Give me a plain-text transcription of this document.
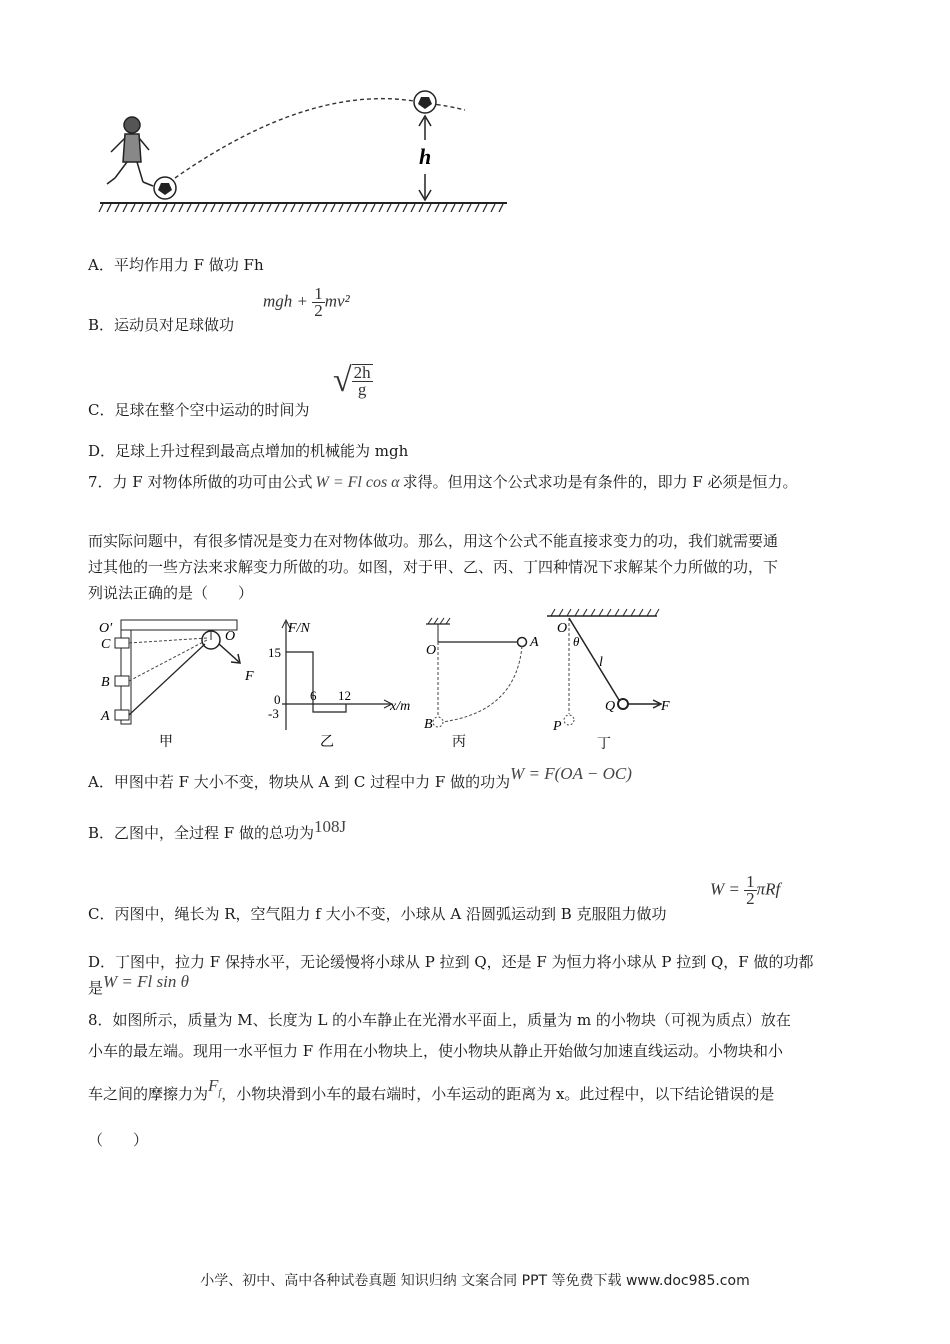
h
A．平均作用力 F 做功 Fh
B．运动员对足球做功
mgh + $\frac{1}{2} mv^2$
C．足球在整个空中运动的时间为
√ $\frac{2h}{g}$
D．足球上升过程到最高点增加的机械能为 mgh
7．力 F 对物体所做的功可由公式 W = Fl cos α 求得。但用这个公式求功是有条件的，即力 F 必须是恒力。
而实际问题中，有很多情况是变力在对物体做功。那么，用这个公式不能直接求变力的功，我们就需要通
过其他的一些方法来求解变力所做的功。如图，对于甲、乙、丙、丁四种情况下求解某个力所做的功，下
列说法正确的是（　　）
O′
O
C
B
A
F
甲
F/N
x/m
15
0
-3
6 12
乙
O
A
B
丙
O
θ
l
Q
P
F
丁
A．甲图中若 F 大小不变，物块从 A 到 C 过程中力 F 做的功为W = F(OA − OC)
B．乙图中，全过程 F 做的总功为108J
C．丙图中，绳长为 R，空气阻力 f 大小不变，小球从 A 沿圆弧运动到 B 克服阻力做功
$W = \frac{1}{2}$ πRf
D．丁图中，拉力 F 保持水平，无论缓慢将小球从 P 拉到 Q，还是 F 为恒力将小球从 P 拉到 Q，F 做的功都
是W = Fl sin θ
8．如图所示，质量为 M、长度为 L 的小车静止在光滑水平面上，质量为 m 的小物块（可视为质点）放在
小车的最左端。现用一水平恒力 F 作用在小物块上，使小物块从静止开始做匀加速直线运动。小物块和小
车之间的摩擦力为$F_f$，小物块滑到小车的最右端时，小车运动的距离为 x。此过程中，以下结论错误的是
（　　）
小学、初中、高中各种试卷真题 知识归纳 文案合同 PPT 等免费下载 www.doc985.com
